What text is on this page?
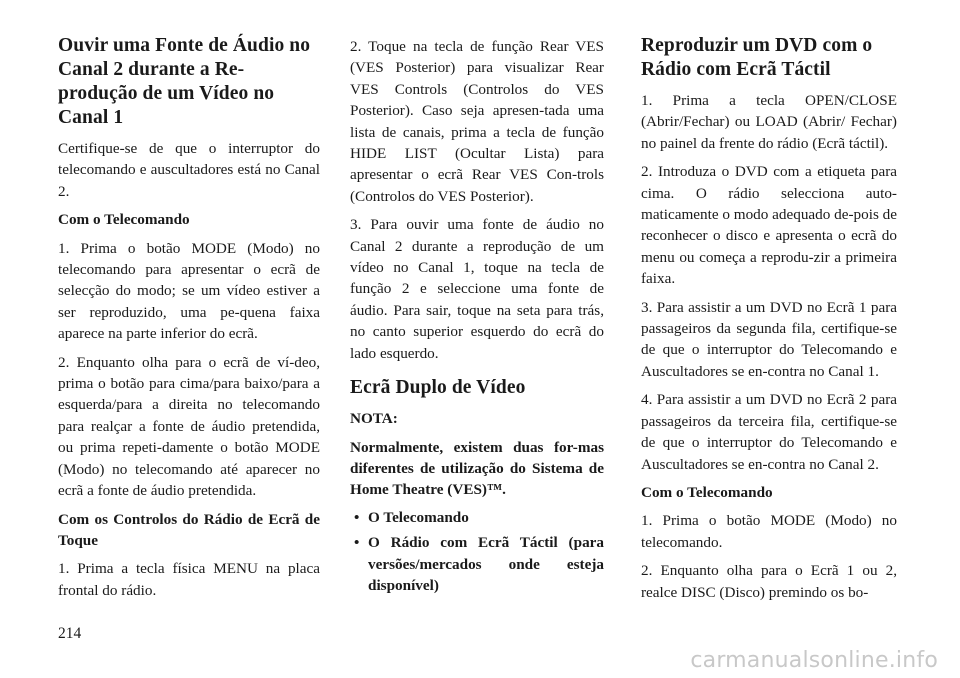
Ouvir uma Fonte de Áudio no Canal 2 durante a Re-produção de um Vídeo no Canal 1

Certifique-se de que o interruptor do telecomando e auscultadores está no Canal 2.

Com o Telecomando

1. Prima o botão MODE (Modo) no telecomando para apresentar o ecrã de selecção do modo; se um vídeo estiver a ser reproduzido, uma pe-quena faixa aparece na parte inferior do ecrã.

2. Enquanto olha para o ecrã de ví-deo, prima o botão para cima/para baixo/para a esquerda/para a direita no telecomando para realçar a fonte de áudio pretendida, ou prima repeti-damente o botão MODE (Modo) no telecomando até aparecer no ecrã a fonte de áudio pretendida.

Com os Controlos do Rádio de Ecrã de Toque

1. Prima a tecla física MENU na placa frontal do rádio.

2. Toque na tecla de função Rear VES (VES Posterior) para visualizar Rear VES Controls (Controlos do VES Posterior). Caso seja apresen-tada uma lista de canais, prima a tecla de função HIDE LIST (Ocultar Lista) para apresentar o ecrã Rear VES Con-trols (Controlos do VES Posterior).

3. Para ouvir uma fonte de áudio no Canal 2 durante a reprodução de um vídeo no Canal 1, toque na tecla de função 2 e seleccione uma fonte de áudio. Para sair, toque na seta para trás, no canto superior esquerdo do ecrã do lado esquerdo.

Ecrã Duplo de Vídeo

NOTA:

Normalmente, existem duas for-mas diferentes de utilização do Sistema de Home Theatre (VES)™.

• O Telecomando
• O Rádio com Ecrã Táctil (para versões/mercados onde esteja disponível)
Reproduzir um DVD com o Rádio com Ecrã Táctil

1. Prima a tecla OPEN/CLOSE (Abrir/Fechar) ou LOAD (Abrir/ Fechar) no painel da frente do rádio (Ecrã táctil).

2. Introduza o DVD com a etiqueta para cima. O rádio selecciona auto-maticamente o modo adequado de-pois de reconhecer o disco e apresenta o ecrã do menu ou começa a reprodu-zir a primeira faixa.

3. Para assistir a um DVD no Ecrã 1 para passageiros da segunda fila, certifique-se de que o interruptor do Telecomando e Auscultadores se en-contra no Canal 1.

4. Para assistir a um DVD no Ecrã 2 para passageiros da terceira fila, certifique-se de que o interruptor do Telecomando e Auscultadores se en-contra no Canal 2.

Com o Telecomando

1. Prima o botão MODE (Modo) no telecomando.

2. Enquanto olha para o Ecrã 1 ou 2, realce DISC (Disco) premindo os bo-

214
carmanualsonline.info
